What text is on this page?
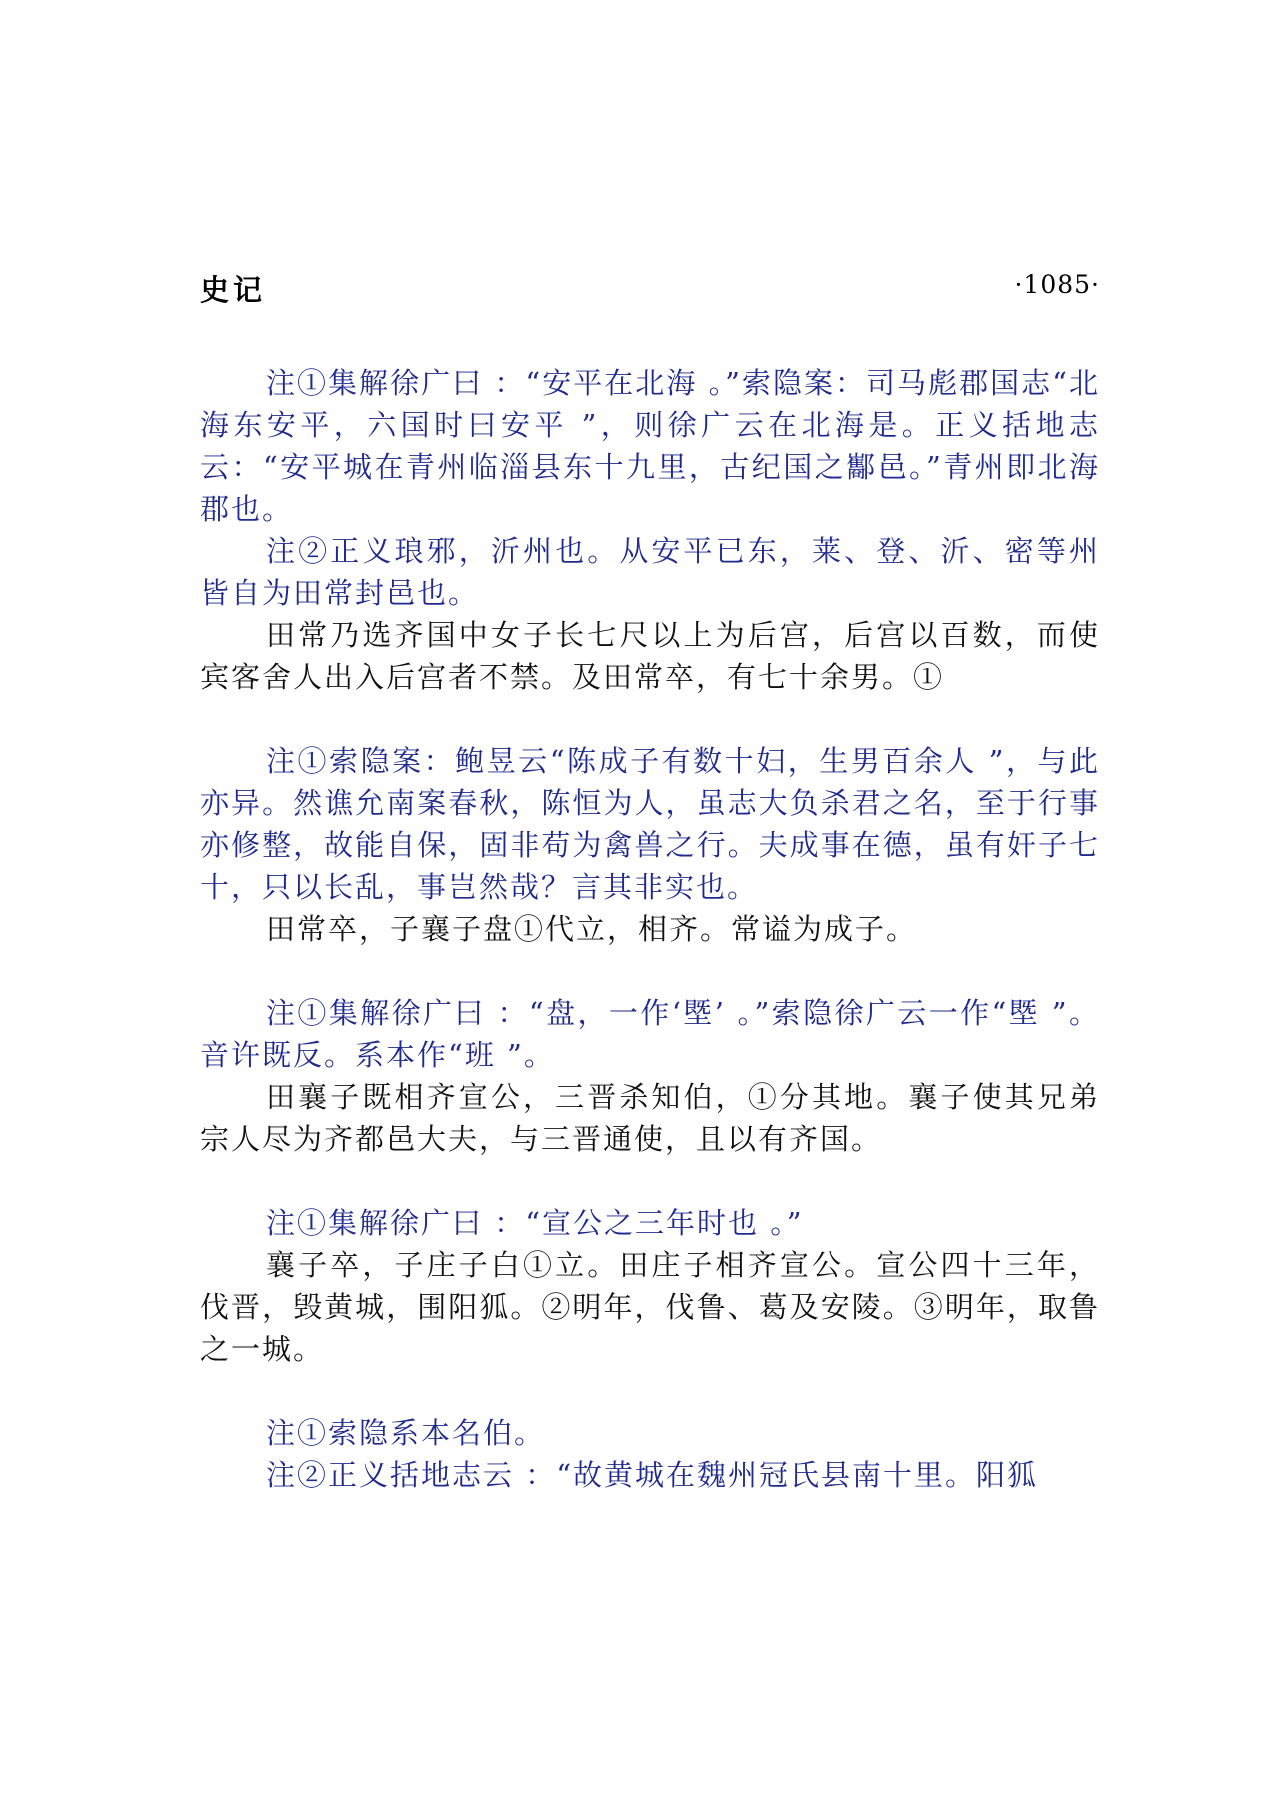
史记	·1085·

注①集解徐广曰 ：“安平在北海 。”索隐案：司马彪郡国志“北海东安平，六国时曰安平 ”，则徐广云在北海是。正义括地志云：“安平城在青州临淄县东十九里，古纪国之酅邑。”青州即北海郡也。

注②正义琅邪，沂州也。从安平已东，莱、登、沂、密等州皆自为田常封邑也。

田常乃选齐国中女子长七尺以上为后宫，后宫以百数，而使宾客舍人出入后宫者不禁。及田常卒，有七十余男。①

注①索隐案：鲍昱云“陈成子有数十妇，生男百余人 ”，与此亦异。然谯允南案春秋，陈恒为人，虽志大负杀君之名，至于行事亦修整，故能自保，固非苟为禽兽之行。夫成事在德，虽有奸子七十，只以长乱，事岂然哉？言其非实也。

田常卒，子襄子盘①代立，相齐。常谥为成子。

注①集解徐广曰 ：“盘，一作‘塈’ 。”索隐徐广云一作“塈 ”。音许既反。系本作“班 ”。

田襄子既相齐宣公，三晋杀知伯，①分其地。襄子使其兄弟宗人尽为齐都邑大夫，与三晋通使，且以有齐国。

注①集解徐广曰 ：“宣公之三年时也 。”

襄子卒，子庄子白①立。田庄子相齐宣公。宣公四十三年，伐晋，毁黄城，围阳狐。②明年，伐鲁、葛及安陵。③明年，取鲁之一城。

注①索隐系本名伯。

注②正义括地志云 ：“故黄城在魏州冠氏县南十里。阳狐
